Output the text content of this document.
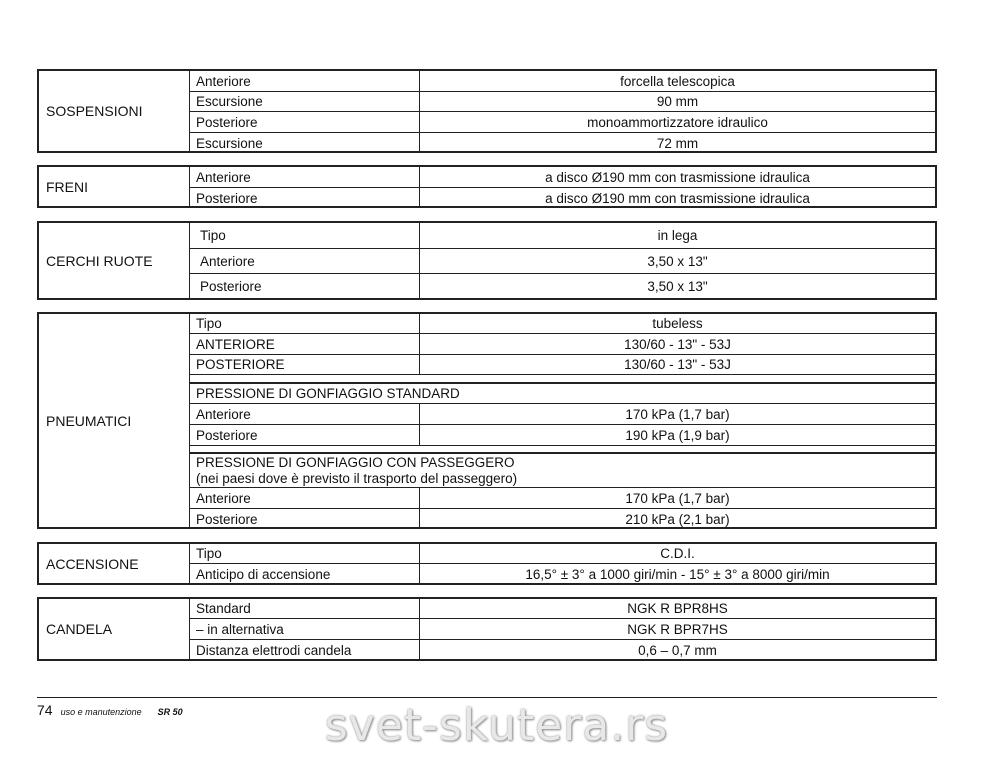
SOSPENSIONI
Anteriore	forcella telescopica
Escursione	90 mm
Posteriore	monoammortizzatore idraulico
Escursione	72 mm
FRENI
Anteriore	a disco Ø190 mm con trasmissione idraulica
Posteriore	a disco Ø190 mm con trasmissione idraulica
CERCHI RUOTE
Tipo	in lega
Anteriore	3,50 x 13"
Posteriore	3,50 x 13"
PNEUMATICI
Tipo	tubeless
ANTERIORE	130/60 - 13" - 53J
POSTERIORE	130/60 - 13" - 53J
PRESSIONE DI GONFIAGGIO STANDARD
Anteriore	170 kPa (1,7 bar)
Posteriore	190 kPa (1,9 bar)
PRESSIONE DI GONFIAGGIO CON PASSEGGERO
(nei paesi dove è previsto il trasporto del passeggero)
Anteriore	170 kPa (1,7 bar)
Posteriore	210 kPa (2,1 bar)
ACCENSIONE
Tipo	C.D.I.
Anticipo di accensione	16,5° ± 3° a 1000 giri/min - 15° ± 3° a 8000 giri/min
CANDELA
Standard	NGK R BPR8HS
– in alternativa	NGK R BPR7HS
Distanza elettrodi candela	0,6 – 0,7 mm
74 uso e manutenzione SR 50	svet-skutera.rs
